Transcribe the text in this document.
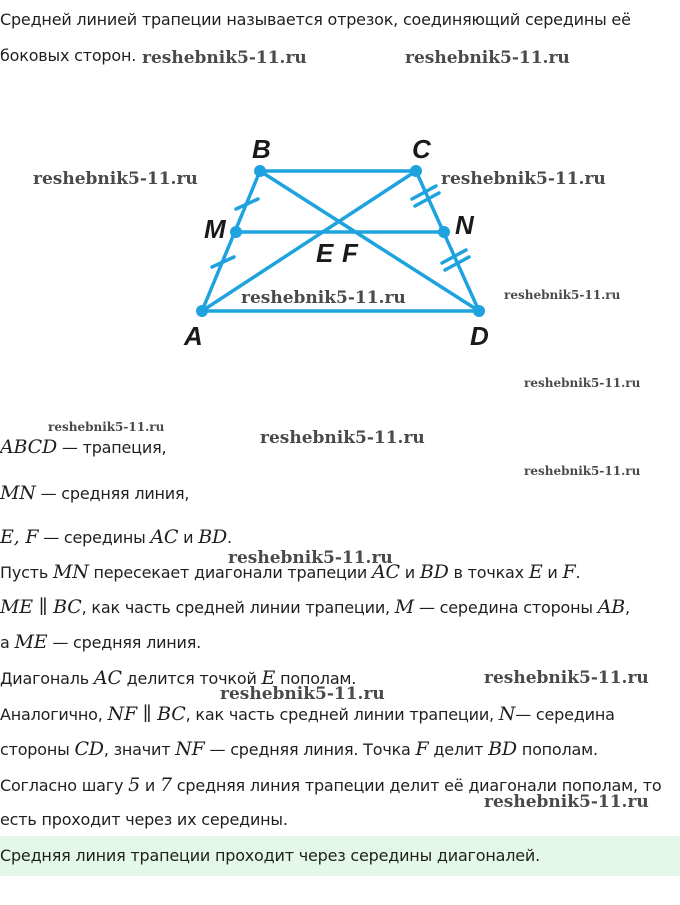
Средней линией трапеции называется отрезок, соединяющий середины её
боковых сторон.
B	C
M	N
E F
A	D
ABCD — трапеция,
MN — средняя линия,
E, F — середины AC и BD.
Пусть MN пересекает диагонали трапеции AC и BD в точках E и F.
ME ∥ BC, как часть средней линии трапеции, M — середина стороны AB,
а ME — средняя линия.
Диагональ AC делится точкой E пополам.
Аналогично, NF ∥ BC, как часть средней линии трапеции, N— середина
стороны CD, значит NF — средняя линия. Точка F делит BD пополам.
Согласно шагу 5 и 7 средняя линия трапеции делит её диагонали пополам, то
есть проходит через их середины.
Средняя линия трапеции проходит через середины диагоналей.
reshebnik5-11.ru	reshebnik5-11.ru
reshebnik5-11.ru	reshebnik5-11.ru
reshebnik5-11.ru	reshebnik5-11.ru
reshebnik5-11.ru
reshebnik5-11.ru
reshebnik5-11.ru
reshebnik5-11.ru
reshebnik5-11.ru
reshebnik5-11.ru
reshebnik5-11.ru
reshebnik5-11.ru
